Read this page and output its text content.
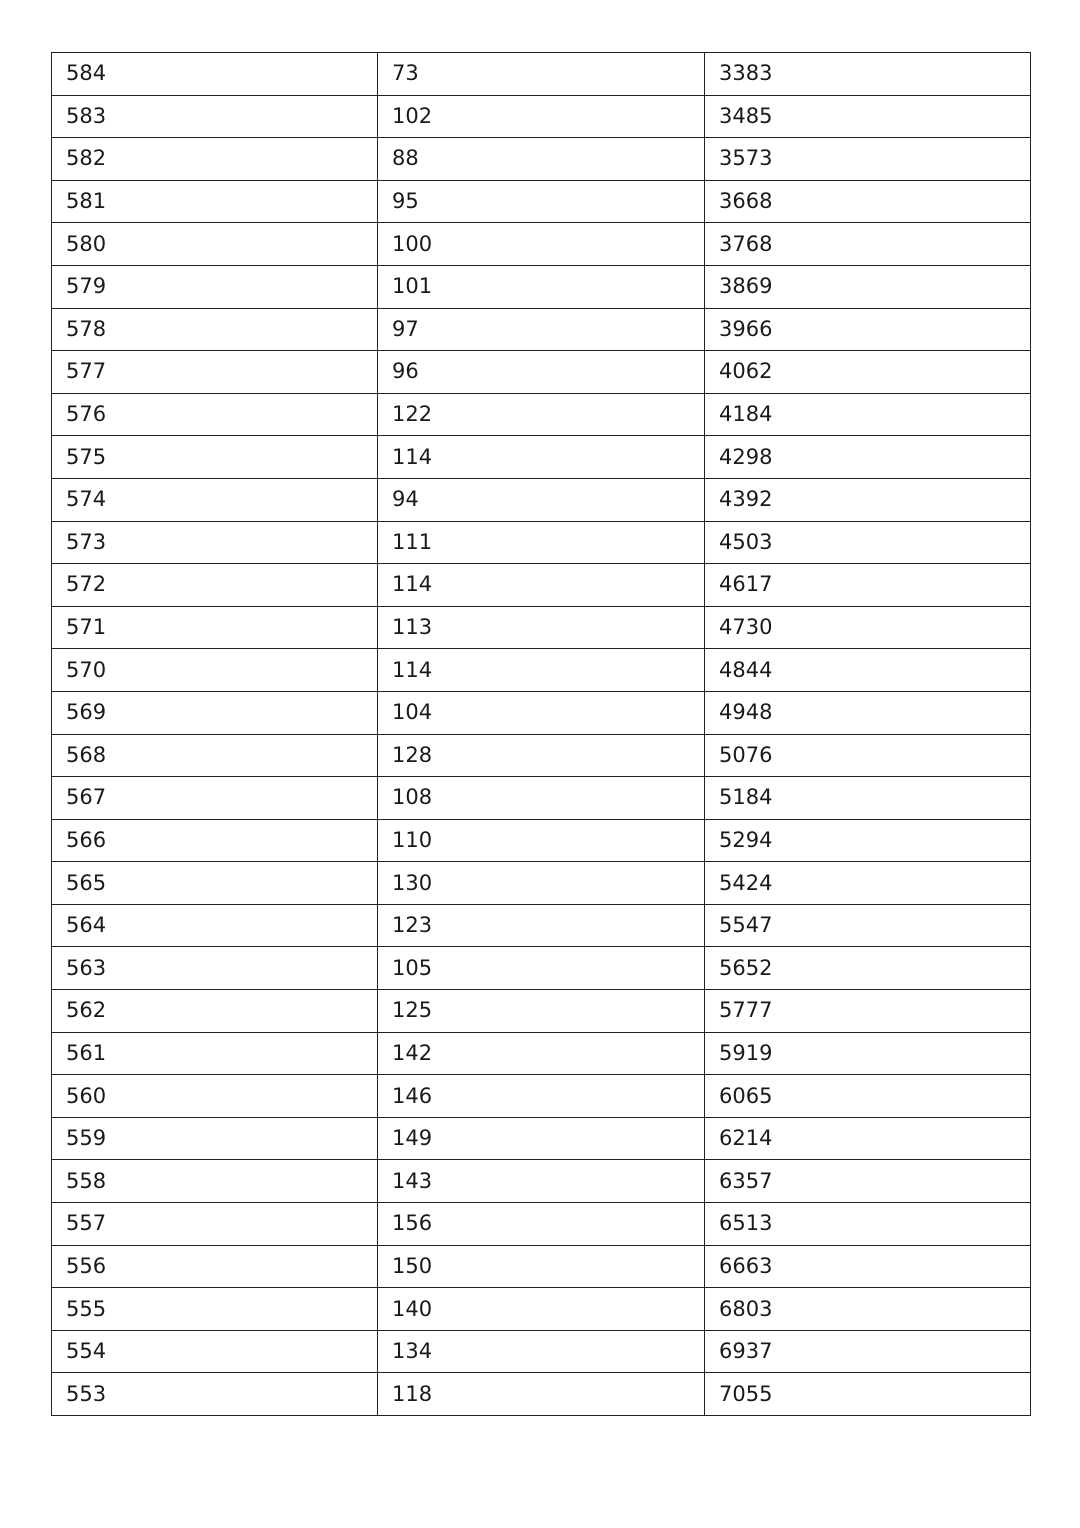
584	73	3383
583	102	3485
582	88	3573
581	95	3668
580	100	3768
579	101	3869
578	97	3966
577	96	4062
576	122	4184
575	114	4298
574	94	4392
573	111	4503
572	114	4617
571	113	4730
570	114	4844
569	104	4948
568	128	5076
567	108	5184
566	110	5294
565	130	5424
564	123	5547
563	105	5652
562	125	5777
561	142	5919
560	146	6065
559	149	6214
558	143	6357
557	156	6513
556	150	6663
555	140	6803
554	134	6937
553	118	7055
